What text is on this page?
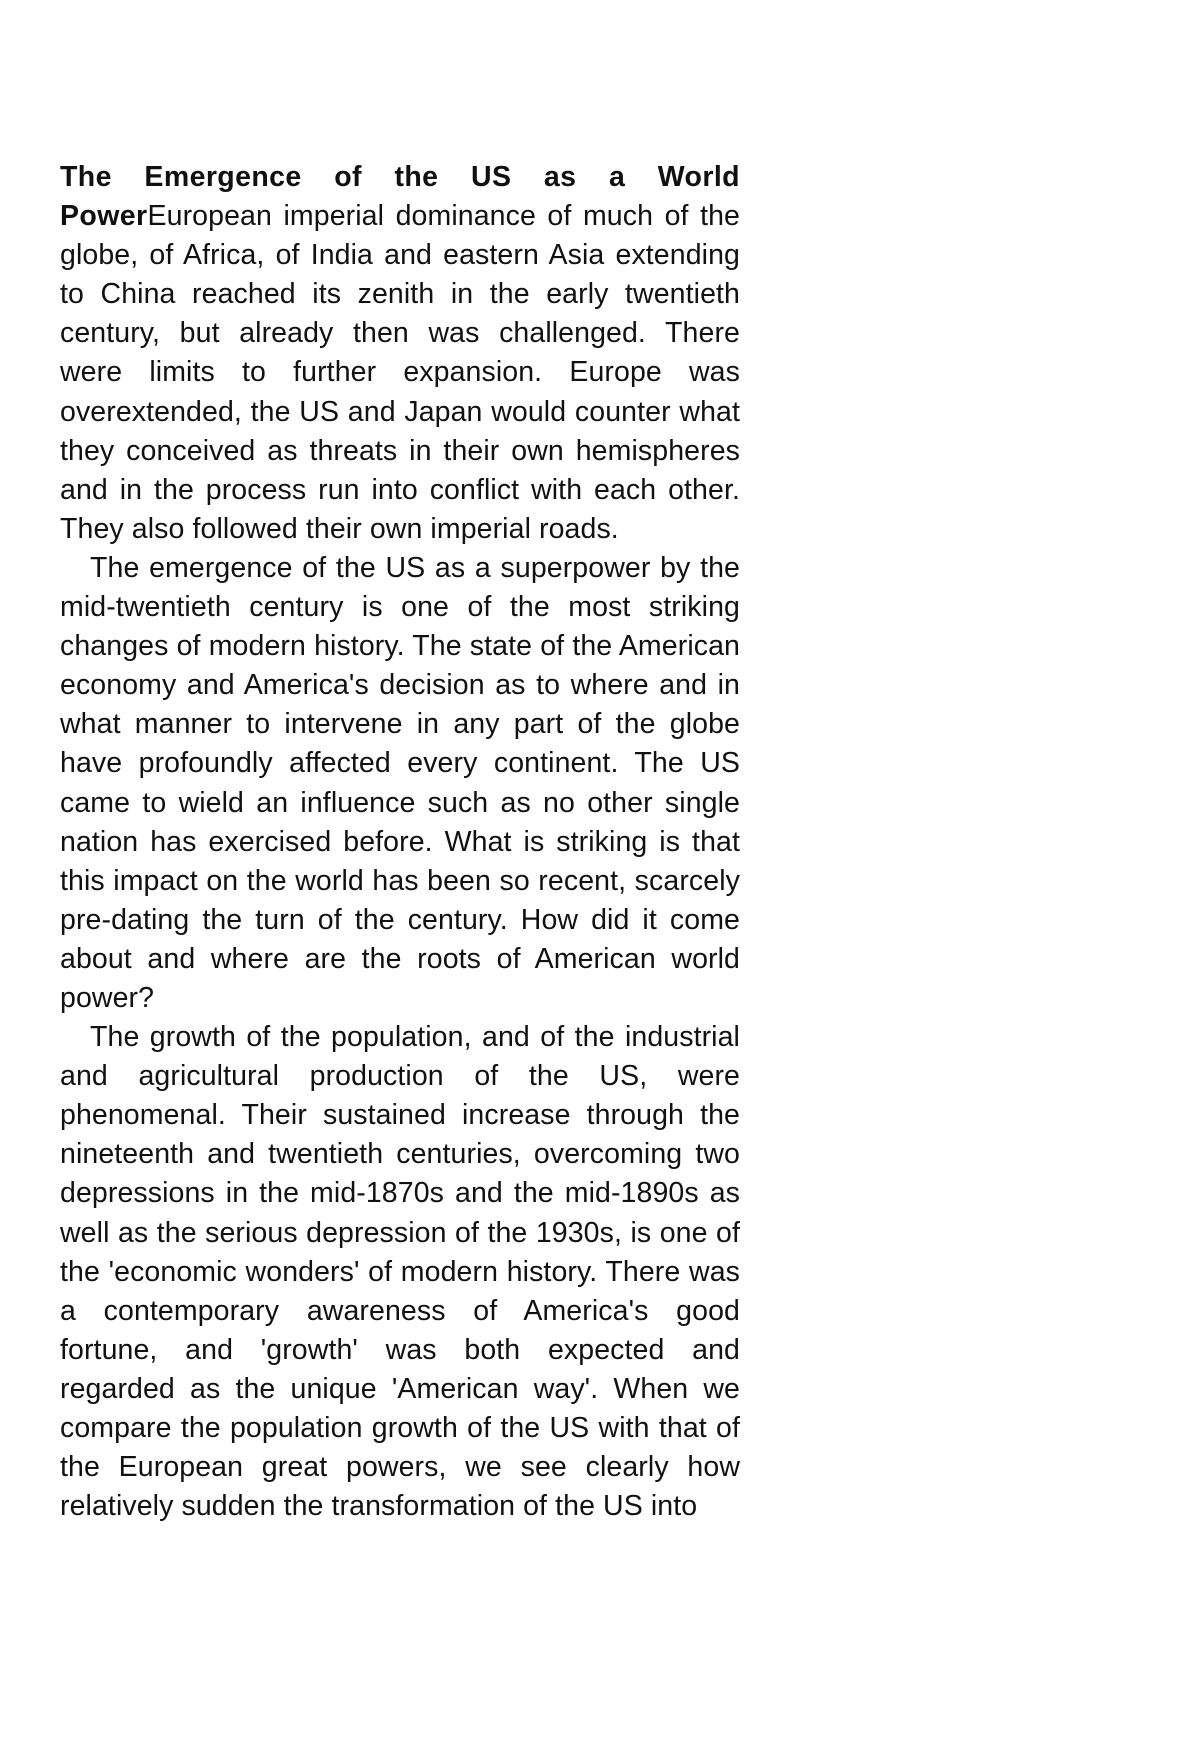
The Emergence of the US as a World PowerEuropean imperial dominance of much of the globe, of Africa, of India and eastern Asia extending to China reached its zenith in the early twentieth century, but already then was challenged. There were limits to further expansion. Europe was overextended, the US and Japan would counter what they conceived as threats in their own hemispheres and in the process run into conflict with each other. They also followed their own imperial roads.

The emergence of the US as a superpower by the mid-twentieth century is one of the most striking changes of modern history. The state of the American economy and America's decision as to where and in what manner to intervene in any part of the globe have profoundly affected every continent. The US came to wield an influence such as no other single nation has exercised before. What is striking is that this impact on the world has been so recent, scarcely pre-dating the turn of the century. How did it come about and where are the roots of American world power?

The growth of the population, and of the industrial and agricultural production of the US, were phenomenal. Their sustained increase through the nineteenth and twentieth centuries, overcoming two depressions in the mid-1870s and the mid-1890s as well as the serious depression of the 1930s, is one of the 'economic wonders' of modern history. There was a contemporary awareness of America's good fortune, and 'growth' was both expected and regarded as the unique 'American way'. When we compare the population growth of the US with that of the European great powers, we see clearly how relatively sudden the transformation of the US into
